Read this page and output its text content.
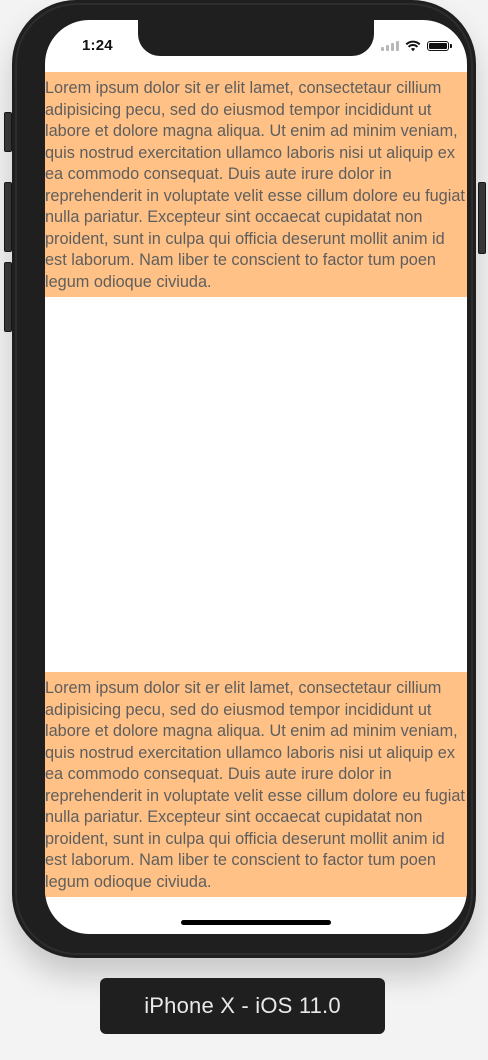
1:24
Lorem ipsum dolor sit er elit lamet, consectetaur cillium adipisicing pecu, sed do eiusmod tempor incididunt ut labore et dolore magna aliqua. Ut enim ad minim veniam, quis nostrud exercitation ullamco laboris nisi ut aliquip ex ea commodo consequat. Duis aute irure dolor in reprehenderit in voluptate velit esse cillum dolore eu fugiat nulla pariatur. Excepteur sint occaecat cupidatat non proident, sunt in culpa qui officia deserunt mollit anim id est laborum. Nam liber te conscient to factor tum poen legum odioque civiuda.
Lorem ipsum dolor sit er elit lamet, consectetaur cillium adipisicing pecu, sed do eiusmod tempor incididunt ut labore et dolore magna aliqua. Ut enim ad minim veniam, quis nostrud exercitation ullamco laboris nisi ut aliquip ex ea commodo consequat. Duis aute irure dolor in reprehenderit in voluptate velit esse cillum dolore eu fugiat nulla pariatur. Excepteur sint occaecat cupidatat non proident, sunt in culpa qui officia deserunt mollit anim id est laborum. Nam liber te conscient to factor tum poen legum odioque civiuda.
iPhone X - iOS 11.0
